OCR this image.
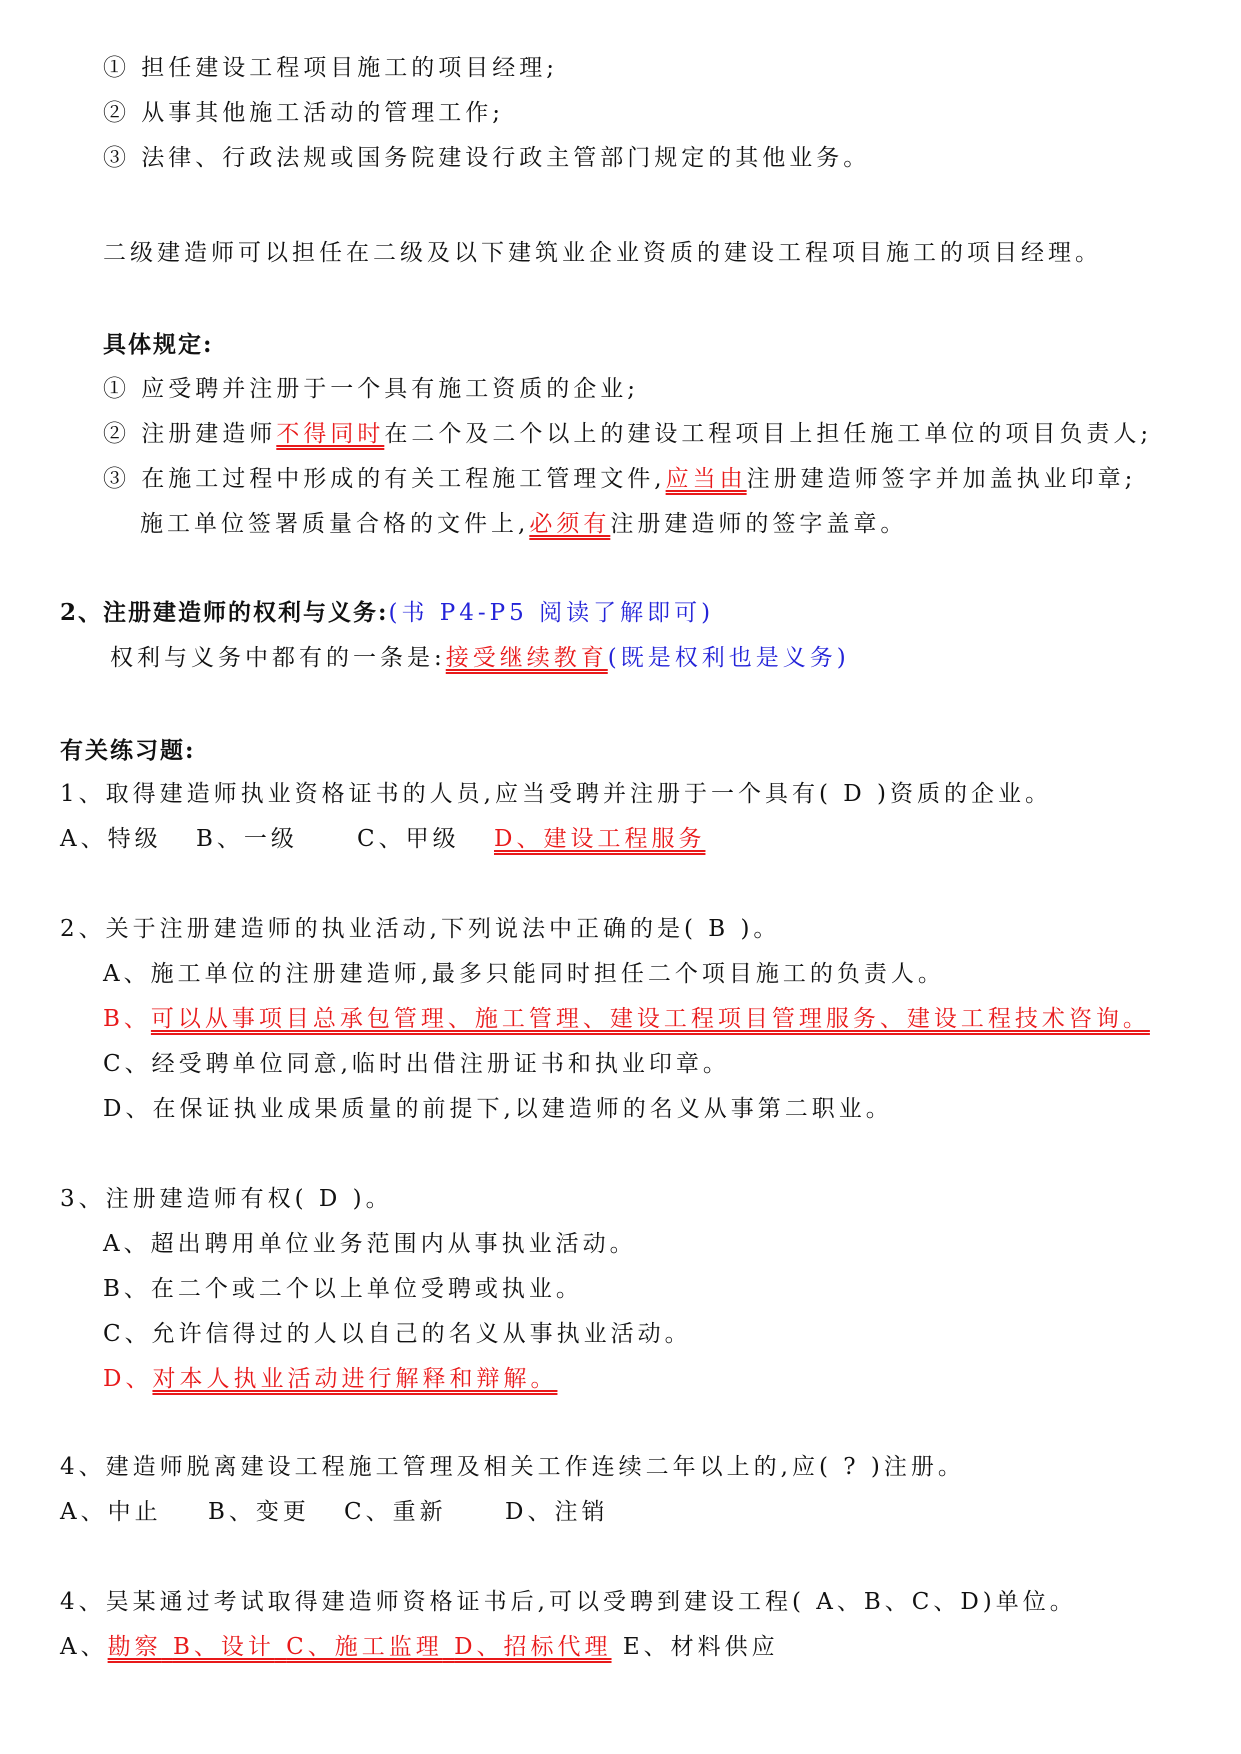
① 担任建设工程项目施工的项目经理;
② 从事其他施工活动的管理工作;
③ 法律、行政法规或国务院建设行政主管部门规定的其他业务。
二级建造师可以担任在二级及以下建筑业企业资质的建设工程项目施工的项目经理。
具体规定:
① 应受聘并注册于一个具有施工资质的企业;
② 注册建造师不得同时在二个及二个以上的建设工程项目上担任施工单位的项目负责人;
③ 在施工过程中形成的有关工程施工管理文件,应当由注册建造师签字并加盖执业印章;
施工单位签署质量合格的文件上,必须有注册建造师的签字盖章。
2、注册建造师的权利与义务:(书 P4-P5 阅读了解即可)
权利与义务中都有的一条是:接受继续教育(既是权利也是义务)
有关练习题:
1、取得建造师执业资格证书的人员,应当受聘并注册于一个具有( D )资质的企业。
A、特级 B、一级	C、甲级 D、建设工程服务
2、关于注册建造师的执业活动,下列说法中正确的是( B )。
A、施工单位的注册建造师,最多只能同时担任二个项目施工的负责人。
B、可以从事项目总承包管理、施工管理、建设工程项目管理服务、建设工程技术咨询。
C、经受聘单位同意,临时出借注册证书和执业印章。
D、在保证执业成果质量的前提下,以建造师的名义从事第二职业。
3、注册建造师有权( D )。
A、超出聘用单位业务范围内从事执业活动。
B、在二个或二个以上单位受聘或执业。
C、允许信得过的人以自己的名义从事执业活动。
D、对本人执业活动进行解释和辩解。
4、建造师脱离建设工程施工管理及相关工作连续二年以上的,应( ? )注册。
A、中止 B、变更 C、重新	D、注销
4、吴某通过考试取得建造师资格证书后,可以受聘到建设工程( A、B、C、D)单位。
A、勘察 B、设计 C、施工监理 D、招标代理 E、材料供应
